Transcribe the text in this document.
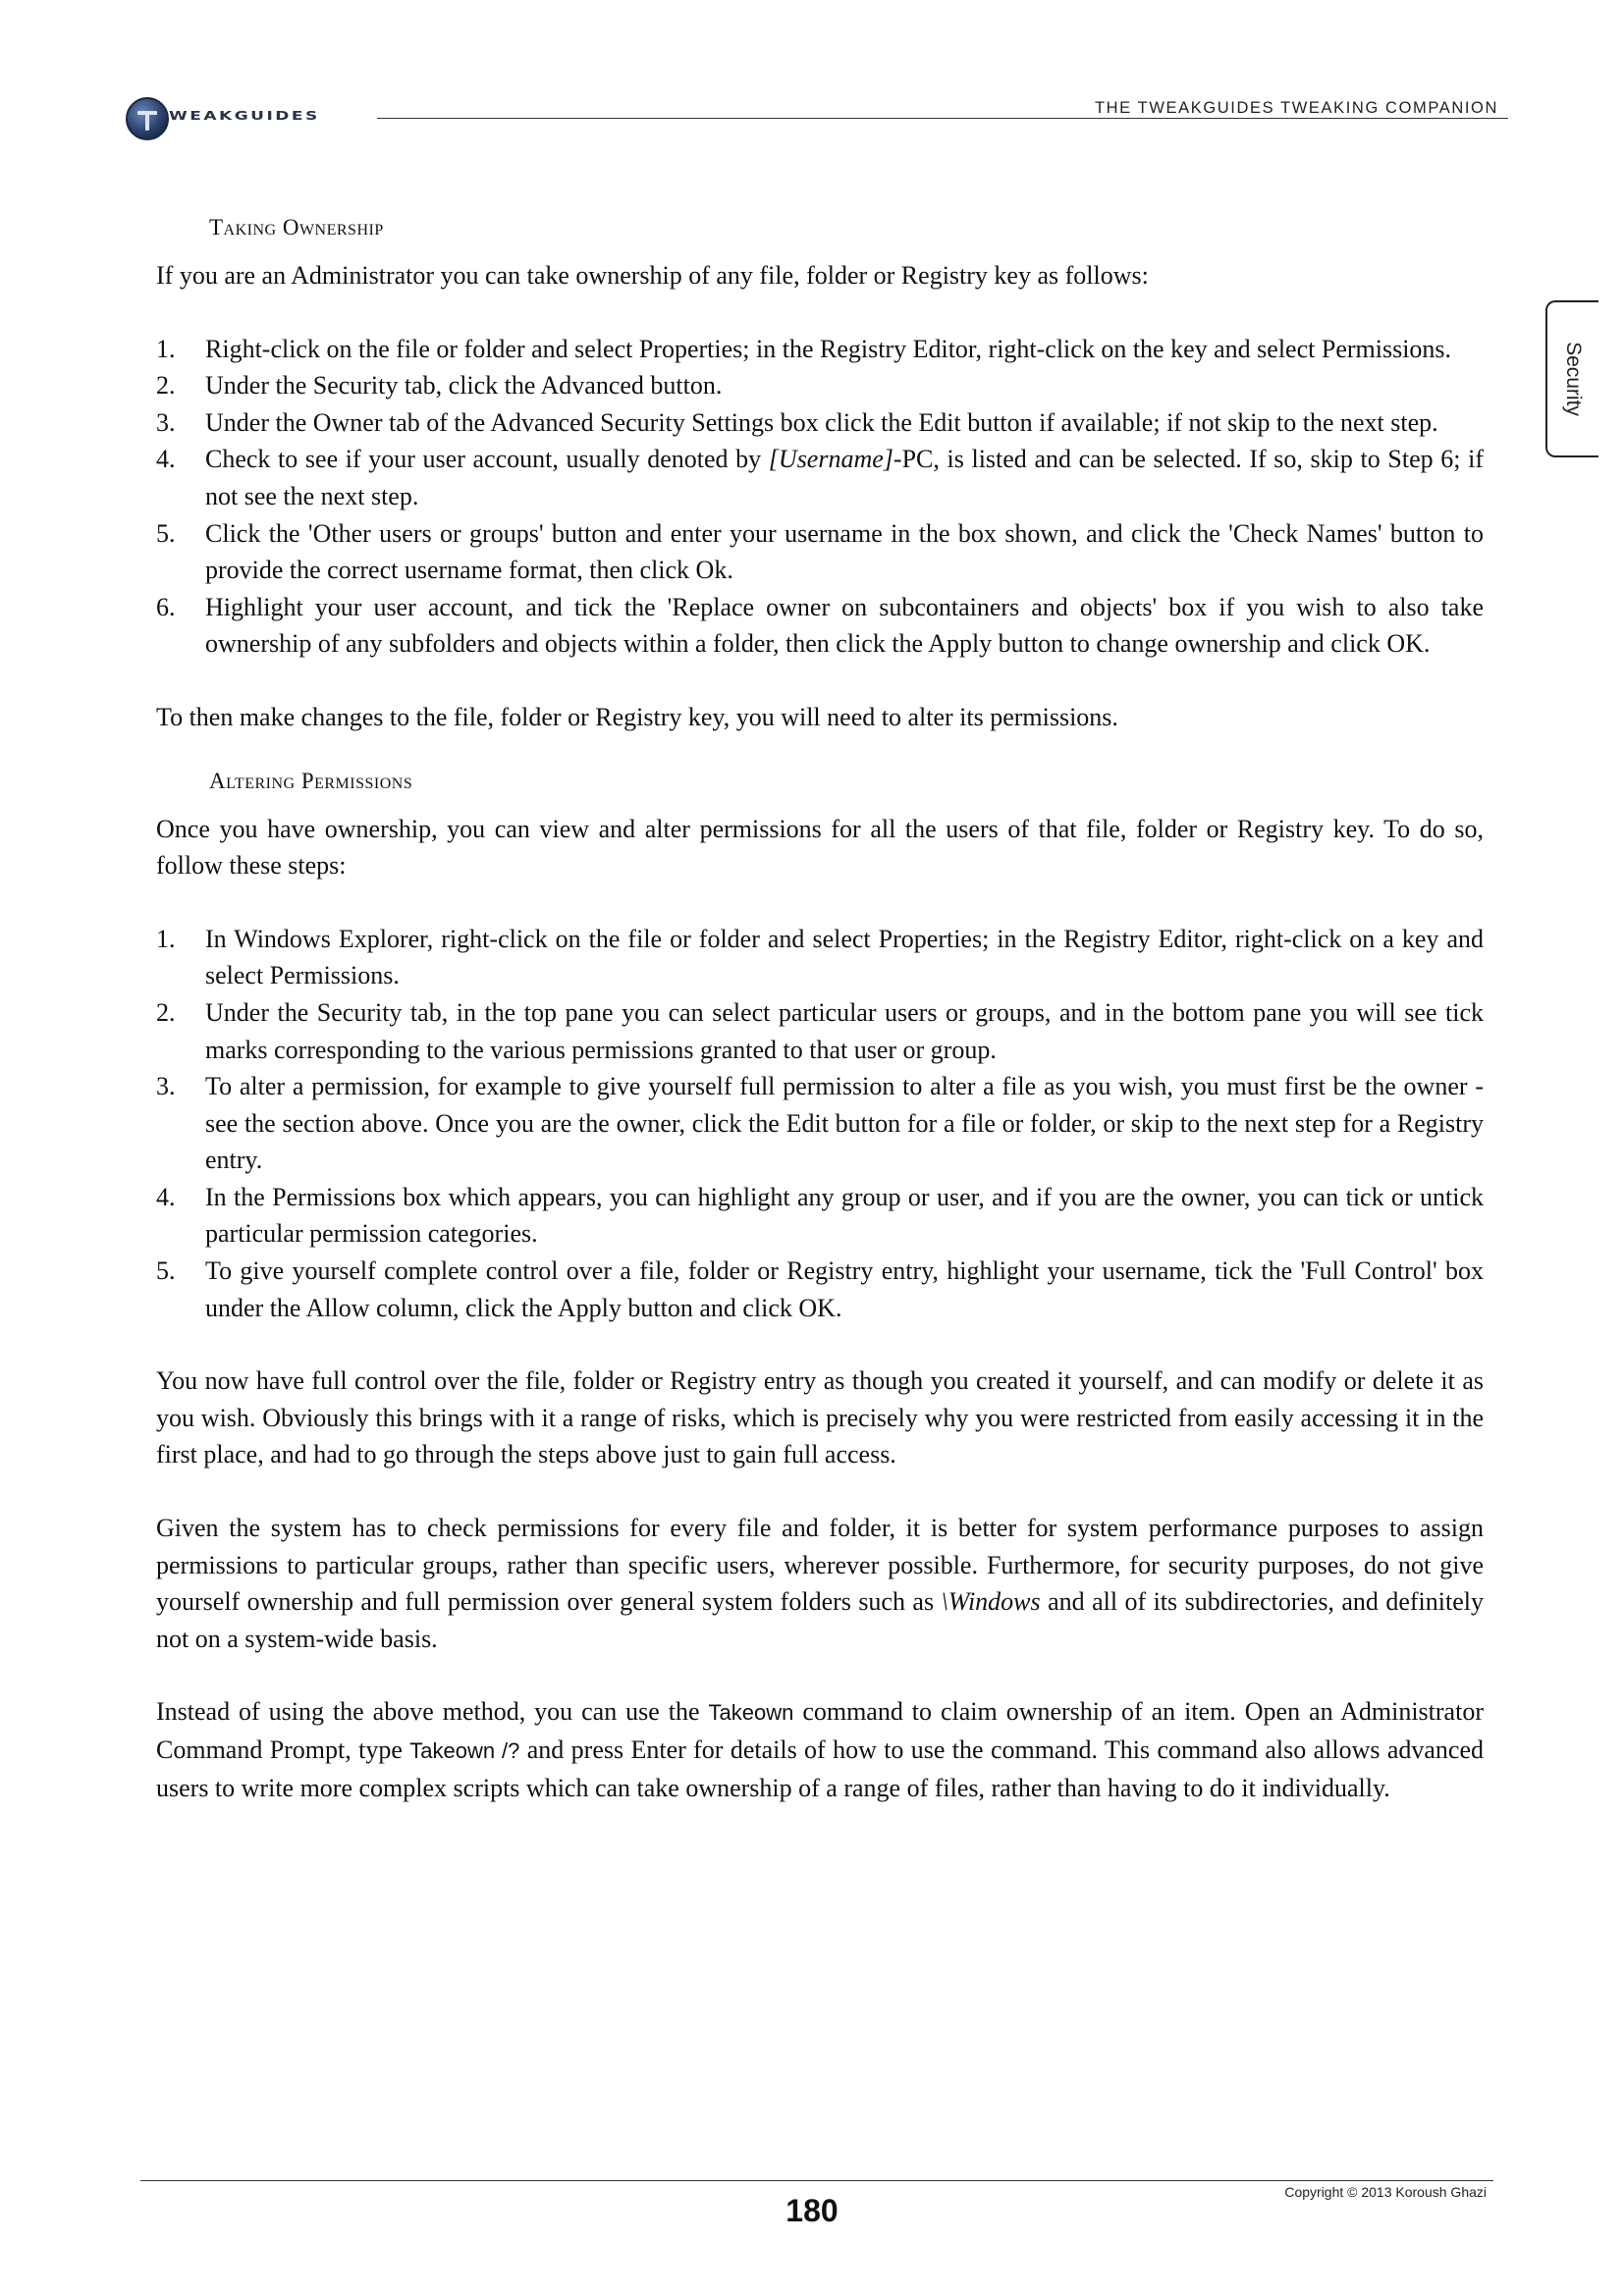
WEAKGUIDES	THE TWEAKGUIDES TWEAKING COMPANION
Security
Taking Ownership

If you are an Administrator you can take ownership of any file, folder or Registry key as follows:

1. Right-click on the file or folder and select Properties; in the Registry Editor, right-click on the key and select Permissions.
2. Under the Security tab, click the Advanced button.
3. Under the Owner tab of the Advanced Security Settings box click the Edit button if available; if not skip to the next step.
4. Check to see if your user account, usually denoted by [Username]-PC, is listed and can be selected. If so, skip to Step 6; if not see the next step.
5. Click the 'Other users or groups' button and enter your username in the box shown, and click the 'Check Names' button to provide the correct username format, then click Ok.
6. Highlight your user account, and tick the 'Replace owner on subcontainers and objects' box if you wish to also take ownership of any subfolders and objects within a folder, then click the Apply button to change ownership and click OK.

To then make changes to the file, folder or Registry key, you will need to alter its permissions.

Altering Permissions

Once you have ownership, you can view and alter permissions for all the users of that file, folder or Registry key. To do so, follow these steps:

1. In Windows Explorer, right-click on the file or folder and select Properties; in the Registry Editor, right-click on a key and select Permissions.
2. Under the Security tab, in the top pane you can select particular users or groups, and in the bottom pane you will see tick marks corresponding to the various permissions granted to that user or group.
3. To alter a permission, for example to give yourself full permission to alter a file as you wish, you must first be the owner - see the section above. Once you are the owner, click the Edit button for a file or folder, or skip to the next step for a Registry entry.
4. In the Permissions box which appears, you can highlight any group or user, and if you are the owner, you can tick or untick particular permission categories.
5. To give yourself complete control over a file, folder or Registry entry, highlight your username, tick the 'Full Control' box under the Allow column, click the Apply button and click OK.

You now have full control over the file, folder or Registry entry as though you created it yourself, and can modify or delete it as you wish. Obviously this brings with it a range of risks, which is precisely why you were restricted from easily accessing it in the first place, and had to go through the steps above just to gain full access.

Given the system has to check permissions for every file and folder, it is better for system performance purposes to assign permissions to particular groups, rather than specific users, wherever possible. Furthermore, for security purposes, do not give yourself ownership and full permission over general system folders such as \Windows and all of its subdirectories, and definitely not on a system-wide basis.

Instead of using the above method, you can use the Takeown command to claim ownership of an item. Open an Administrator Command Prompt, type Takeown /? and press Enter for details of how to use the command. This command also allows advanced users to write more complex scripts which can take ownership of a range of files, rather than having to do it individually.

180
Copyright © 2013 Koroush Ghazi
